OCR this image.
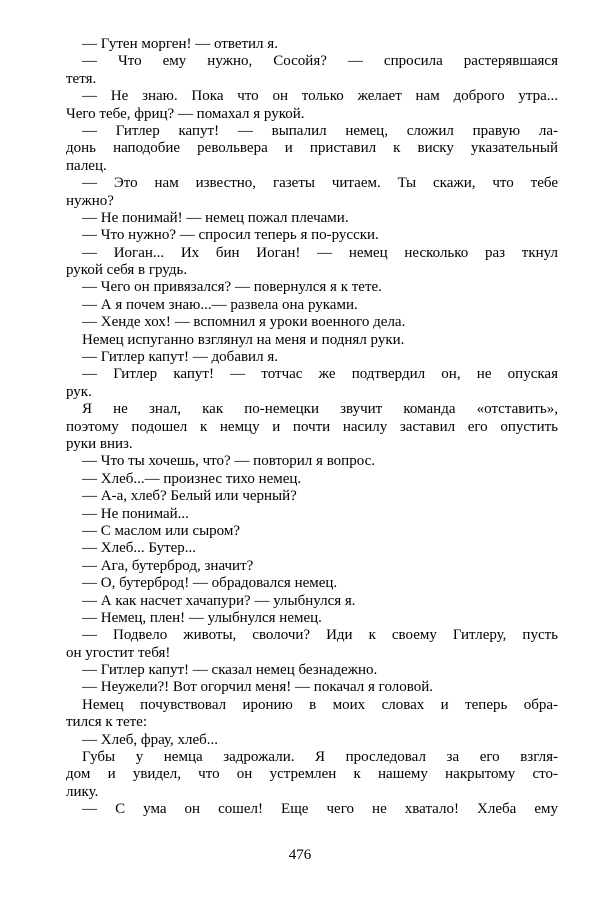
— Гутен морген! — ответил я.
— Что ему нужно, Сосойя? — спросила растерявшаяся
тетя.
— Не знаю. Пока что он только желает нам доброго утра...
Чего тебе, фриц? — помахал я рукой.
— Гитлер капут! — выпалил немец, сложил правую ла-
донь наподобие револьвера и приставил к виску указательный
палец.
— Это нам известно, газеты читаем. Ты скажи, что тебе
нужно?
— Не понимай! — немец пожал плечами.
— Что нужно? — спросил теперь я по-русски.
— Иоган... Их бин Иоган! — немец несколько раз ткнул
рукой себя в грудь.
— Чего он привязался? — повернулся я к тете.
— А я почем знаю...— развела она руками.
— Хенде хох! — вспомнил я уроки военного дела.
Немец испуганно взглянул на меня и поднял руки.
— Гитлер капут! — добавил я.
— Гитлер капут! — тотчас же подтвердил он, не опуская
рук.
Я не знал, как по-немецки звучит команда «отставить»,
поэтому подошел к немцу и почти насилу заставил его опустить
руки вниз.
— Что ты хочешь, что? — повторил я вопрос.
— Хлеб...— произнес тихо немец.
— А-а, хлеб? Белый или черный?
— Не понимай...
— С маслом или сыром?
— Хлеб... Бутер...
— Ага, бутерброд, значит?
— О, бутерброд! — обрадовался немец.
— А как насчет хачапури? — улыбнулся я.
— Немец, плен! — улыбнулся немец.
— Подвело животы, сволочи? Иди к своему Гитлеру, пусть
он угостит тебя!
— Гитлер капут! — сказал немец безнадежно.
— Неужели?! Вот огорчил меня! — покачал я головой.
Немец почувствовал иронию в моих словах и теперь обра-
тился к тете:
— Хлеб, фрау, хлеб...
Губы у немца задрожали. Я проследовал за его взгля-
дом и увидел, что он устремлен к нашему накрытому сто-
лику.
— С ума он сошел! Еще чего не хватало! Хлеба ему
476
